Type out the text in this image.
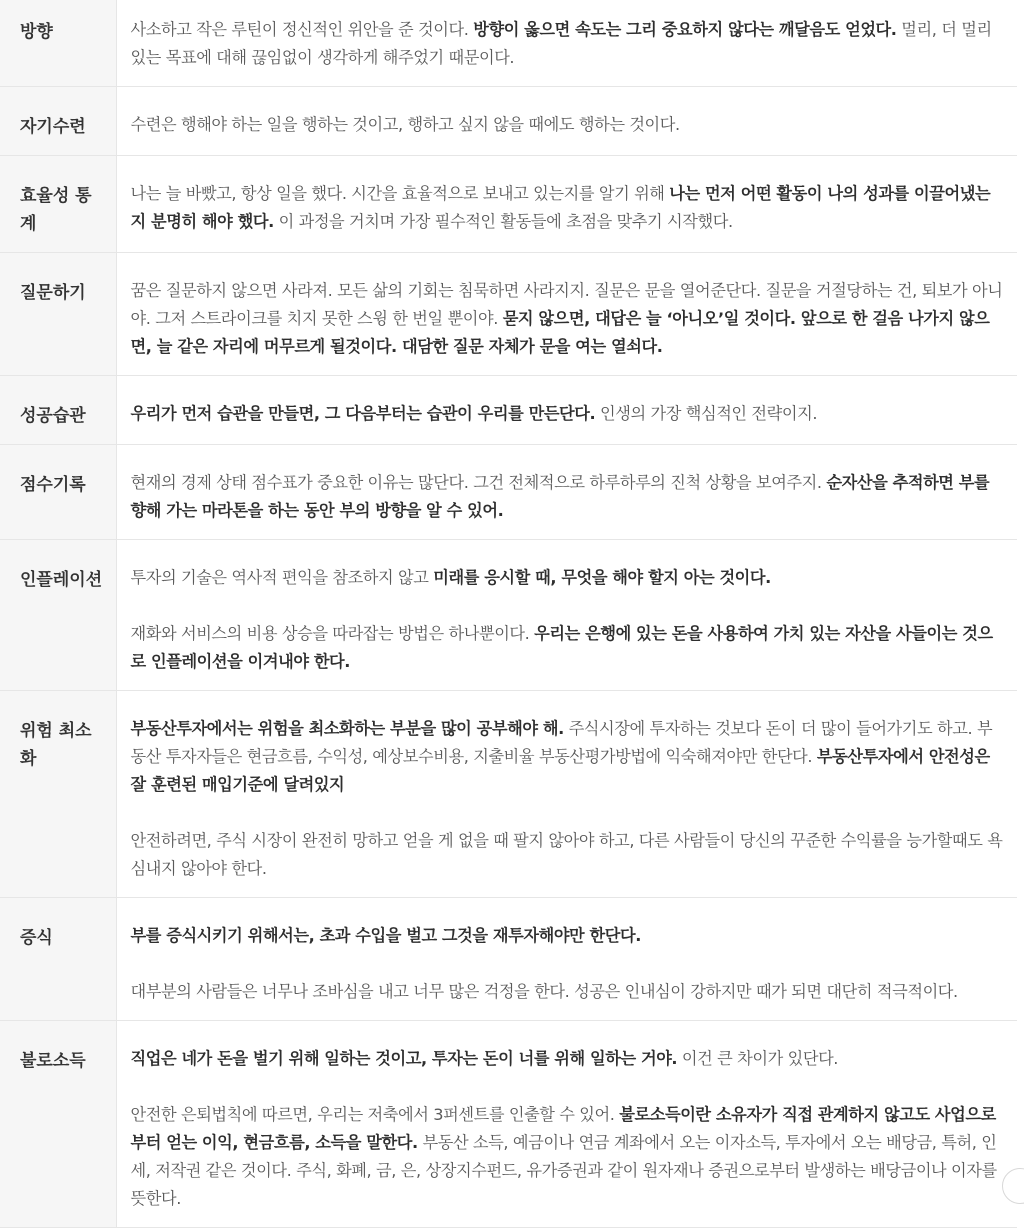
방향	사소하고 작은 루틴이 정신적인 위안을 준 것이다. 방향이 옳으면 속도는 그리 중요하지 않다는 깨달음도 얻었다. 멀리, 더 멀리 있는 목표에 대해 끊임없이 생각하게 해주었기 때문이다.

자기수련	수련은 행해야 하는 일을 행하는 것이고, 행하고 싶지 않을 때에도 행하는 것이다.

효율성 통계	나는 늘 바빴고, 항상 일을 했다. 시간을 효율적으로 보내고 있는지를 알기 위해 나는 먼저 어떤 활동이 나의 성과를 이끌어냈는지 분명히 해야 했다. 이 과정을 거치며 가장 필수적인 활동들에 초점을 맞추기 시작했다.

질문하기	꿈은 질문하지 않으면 사라져. 모든 삶의 기회는 침묵하면 사라지지. 질문은 문을 열어준단다. 질문을 거절당하는 건, 퇴보가 아니야. 그저 스트라이크를 치지 못한 스윙 한 번일 뿐이야. 묻지 않으면, 대답은 늘 ‘아니오’일 것이다. 앞으로 한 걸음 나가지 않으면, 늘 같은 자리에 머무르게 될것이다. 대담한 질문 자체가 문을 여는 열쇠다.

성공습관	우리가 먼저 습관을 만들면, 그 다음부터는 습관이 우리를 만든단다. 인생의 가장 핵심적인 전략이지.

점수기록	현재의 경제 상태 점수표가 중요한 이유는 많단다. 그건 전체적으로 하루하루의 진척 상황을 보여주지. 순자산을 추적하면 부를 향해 가는 마라톤을 하는 동안 부의 방향을 알 수 있어.

인플레이션	투자의 기술은 역사적 편익을 참조하지 않고 미래를 응시할 때, 무엇을 해야 할지 아는 것이다.

재화와 서비스의 비용 상승을 따라잡는 방법은 하나뿐이다. 우리는 은행에 있는 돈을 사용하여 가치 있는 자산을 사들이는 것으로 인플레이션을 이겨내야 한다.

위험 최소화	부동산투자에서는 위험을 최소화하는 부분을 많이 공부해야 해. 주식시장에 투자하는 것보다 돈이 더 많이 들어가기도 하고. 부동산 투자자들은 현금흐름, 수익성, 예상보수비용, 지출비율 부동산평가방법에 익숙해져야만 한단다. 부동산투자에서 안전성은 잘 훈련된 매입기준에 달려있지

안전하려면, 주식 시장이 완전히 망하고 얻을 게 없을 때 팔지 않아야 하고, 다른 사람들이 당신의 꾸준한 수익률을 능가할때도 욕심내지 않아야 한다.

증식	부를 증식시키기 위해서는, 초과 수입을 벌고 그것을 재투자해야만 한단다.

대부분의 사람들은 너무나 조바심을 내고 너무 많은 걱정을 한다. 성공은 인내심이 강하지만 때가 되면 대단히 적극적이다.

불로소득	직업은 네가 돈을 벌기 위해 일하는 것이고, 투자는 돈이 너를 위해 일하는 거야. 이건 큰 차이가 있단다.

안전한 은퇴법칙에 따르면, 우리는 저축에서 3퍼센트를 인출할 수 있어. 불로소득이란 소유자가 직접 관계하지 않고도 사업으로부터 얻는 이익, 현금흐름, 소득을 말한다. 부동산 소득, 예금이나 연금 계좌에서 오는 이자소득, 투자에서 오는 배당금, 특허, 인세, 저작권 같은 것이다. 주식, 화폐, 금, 은, 상장지수펀드, 유가증권과 같이 원자재나 증권으로부터 발생하는 배당금이나 이자를 뜻한다.
